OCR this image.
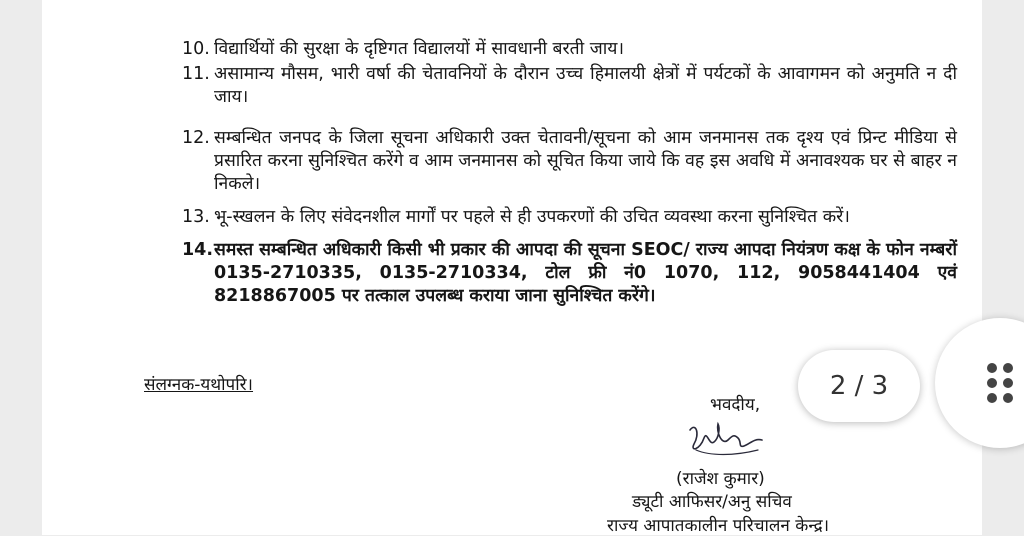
10. विद्यार्थियों की सुरक्षा के दृष्टिगत विद्यालयों में सावधानी बरती जाय।
11. असामान्य मौसम, भारी वर्षा की चेतावनियों के दौरान उच्च हिमालयी क्षेत्रों में पर्यटकों के आवागमन को अनुमति न दी जाय।
12. सम्बन्धित जनपद के जिला सूचना अधिकारी उक्त चेतावनी/सूचना को आम जनमानस तक दृश्य एवं प्रिन्ट मीडिया से प्रसारित करना सुनिश्चित करेंगे व आम जनमानस को सूचित किया जाये कि वह इस अवधि में अनावश्यक घर से बाहर न निकले।
13. भू-स्खलन के लिए संवेदनशील मार्गों पर पहले से ही उपकरणों की उचित व्यवस्था करना सुनिश्चित करें।
14. समस्त सम्बन्धित अधिकारी किसी भी प्रकार की आपदा की सूचना SEOC/ राज्य आपदा नियंत्रण कक्ष के फोन नम्बरों 0135-2710335, 0135-2710334, टोल फ्री नं0 1070, 112, 9058441404 एवं 8218867005 पर तत्काल उपलब्ध कराया जाना सुनिश्चित करेंगे।
संलग्नक-यथोपरि।
भवदीय,
(राजेश कुमार)
ड्यूटी आफिसर/अनु सचिव
राज्य आपातकालीन परिचालन केन्द्र।
2 / 3
